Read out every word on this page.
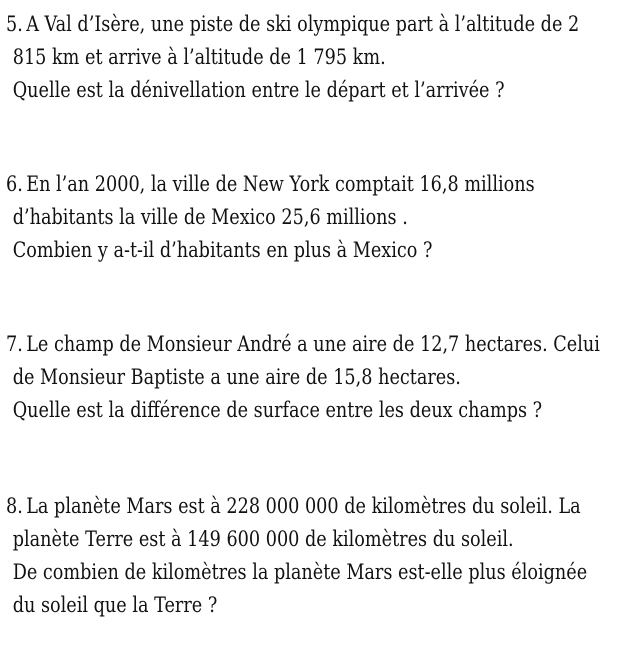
5. A Val d’Isère, une piste de ski olympique part à l’altitude de 2
815 km et arrive à l’altitude de 1 795 km.
Quelle est la dénivellation entre le départ et l’arrivée ?
6. En l’an 2000, la ville de New York comptait 16,8 millions
d’habitants la ville de Mexico 25,6 millions .
Combien y a-t-il d’habitants en plus à Mexico ?
7. Le champ de Monsieur André a une aire de 12,7 hectares. Celui
de Monsieur Baptiste a une aire de 15,8 hectares.
Quelle est la différence de surface entre les deux champs ?
8. La planète Mars est à 228 000 000 de kilomètres du soleil. La
planète Terre est à 149 600 000 de kilomètres du soleil.
De combien de kilomètres la planète Mars est-elle plus éloignée
du soleil que la Terre ?
